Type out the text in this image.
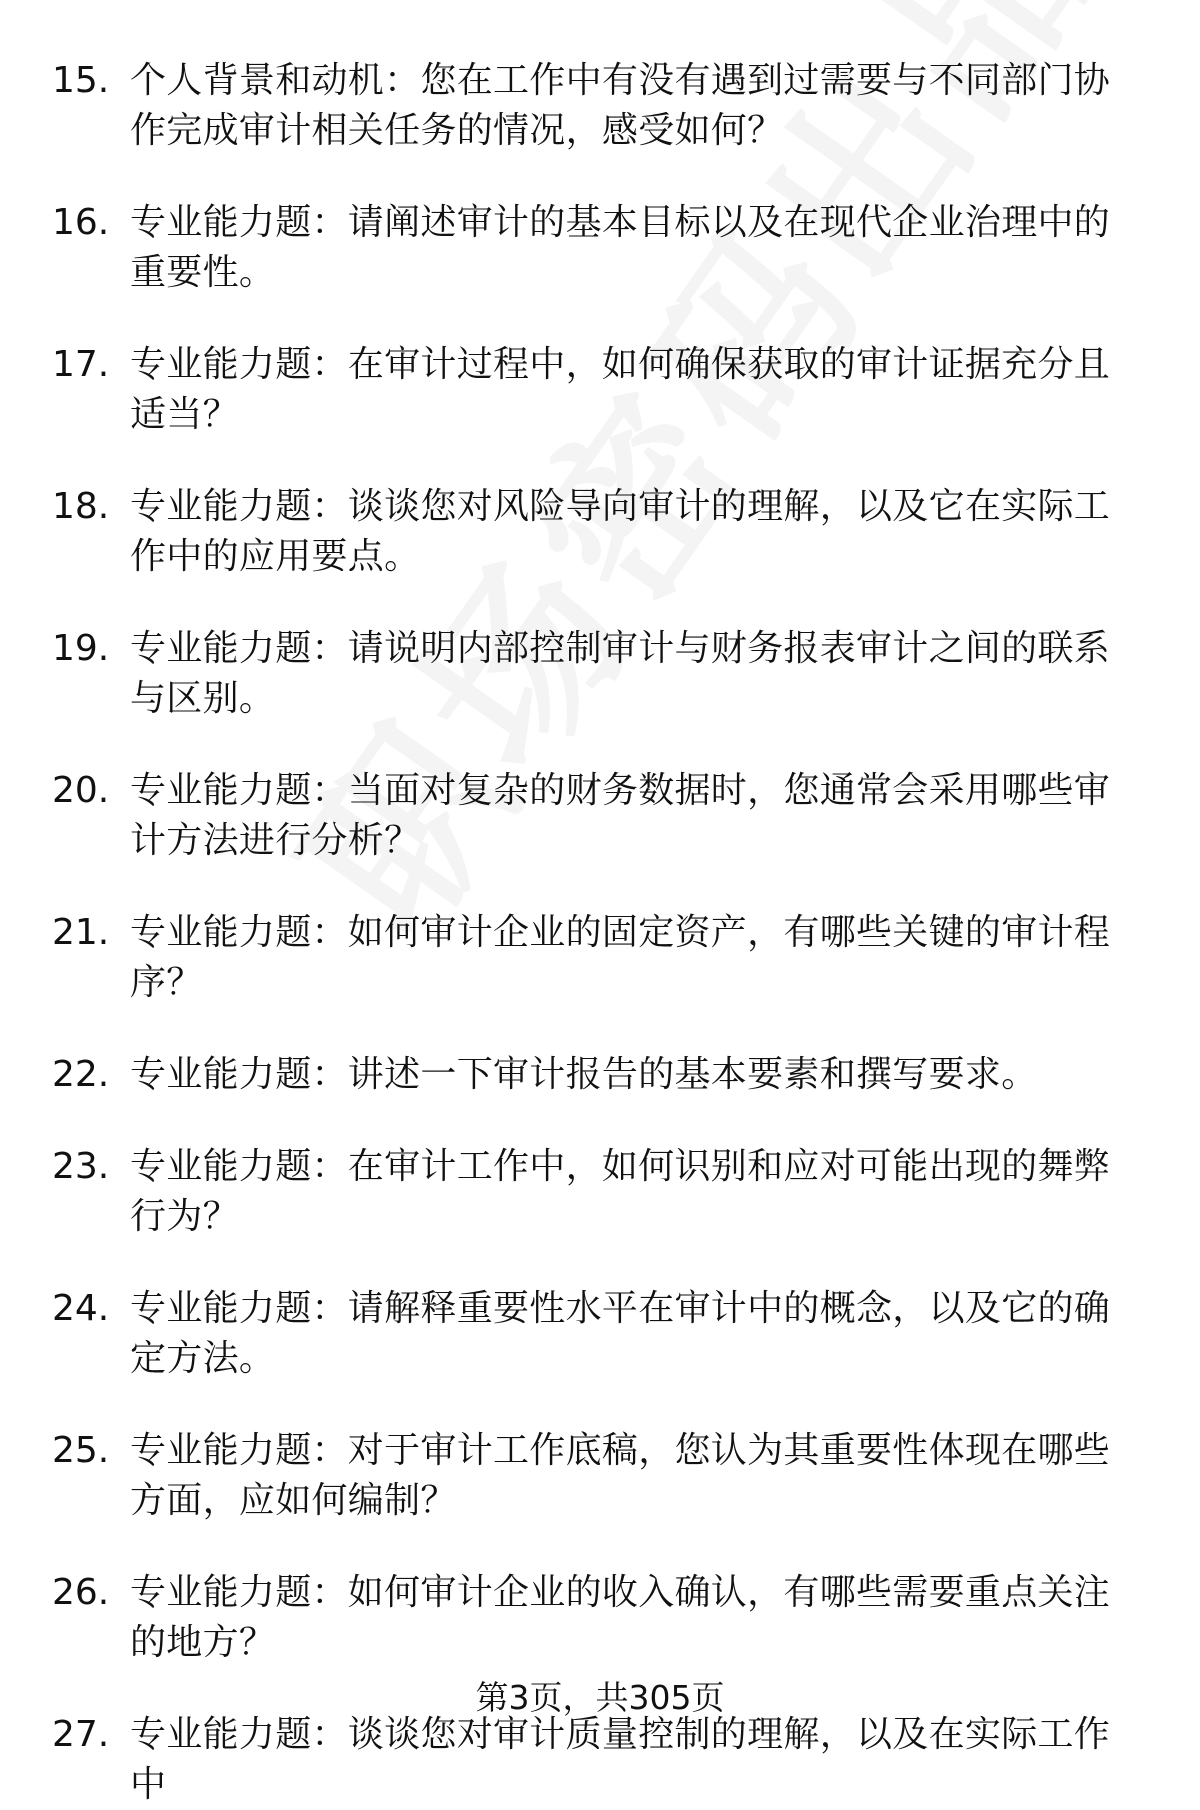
15. 个人背景和动机：您在工作中有没有遇到过需要与不同部门协作完成审计相关任务的情况，感受如何？
16. 专业能力题：请阐述审计的基本目标以及在现代企业治理中的重要性。
17. 专业能力题：在审计过程中，如何确保获取的审计证据充分且适当？
18. 专业能力题：谈谈您对风险导向审计的理解，以及它在实际工作中的应用要点。
19. 专业能力题：请说明内部控制审计与财务报表审计之间的联系与区别。
20. 专业能力题：当面对复杂的财务数据时，您通常会采用哪些审计方法进行分析？
21. 专业能力题：如何审计企业的固定资产，有哪些关键的审计程序？
22. 专业能力题：讲述一下审计报告的基本要素和撰写要求。
23. 专业能力题：在审计工作中，如何识别和应对可能出现的舞弊行为？
24. 专业能力题：请解释重要性水平在审计中的概念，以及它的确定方法。
25. 专业能力题：对于审计工作底稿，您认为其重要性体现在哪些方面，应如何编制？
26. 专业能力题：如何审计企业的收入确认，有哪些需要重点关注的地方？
27. 专业能力题：谈谈您对审计质量控制的理解，以及在实际工作中
第3页，共305页
